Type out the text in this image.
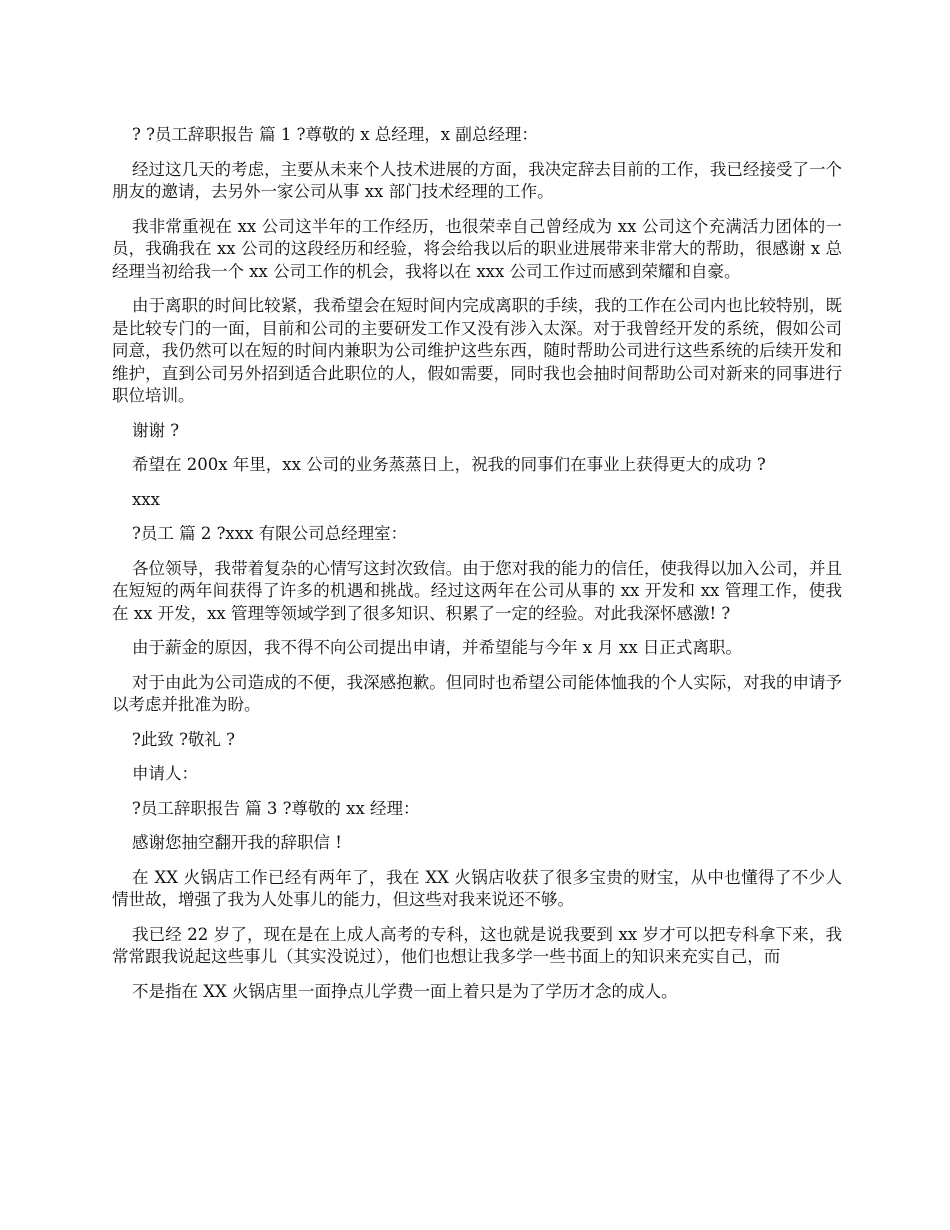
? ?员工辞职报告 篇 1 ?尊敬的 x 总经理，x 副总经理：

经过这几天的考虑，主要从未来个人技术进展的方面，我决定辞去目前的工作，我已经接受了一个朋友的邀请，去另外一家公司从事 xx 部门技术经理的工作。

我非常重视在 xx 公司这半年的工作经历，也很荣幸自己曾经成为 xx 公司这个充满活力团体的一员，我确我在 xx 公司的这段经历和经验，将会给我以后的职业进展带来非常大的帮助，很感谢 x 总经理当初给我一个 xx 公司工作的机会，我将以在 xxx 公司工作过而感到荣耀和自豪。

由于离职的时间比较紧，我希望会在短时间内完成离职的手续，我的工作在公司内也比较特别，既是比较专门的一面，目前和公司的主要研发工作又没有涉入太深。对于我曾经开发的系统，假如公司同意，我仍然可以在短的时间内兼职为公司维护这些东西，随时帮助公司进行这些系统的后续开发和维护，直到公司另外招到适合此职位的人，假如需要，同时我也会抽时间帮助公司对新来的同事进行职位培训。

谢谢 ?

希望在 200x 年里，xx 公司的业务蒸蒸日上，祝我的同事们在事业上获得更大的成功 ?

xxx

?员工 篇 2 ?xxx 有限公司总经理室：

各位领导，我带着复杂的心情写这封次致信。由于您对我的能力的信任，使我得以加入公司，并且在短短的两年间获得了许多的机遇和挑战。经过这两年在公司从事的 xx 开发和 xx 管理工作，使我在 xx 开发，xx 管理等领域学到了很多知识、积累了一定的经验。对此我深怀感激! ?

由于薪金的原因，我不得不向公司提出申请，并希望能与今年 x 月 xx 日正式离职。

对于由此为公司造成的不便，我深感抱歉。但同时也希望公司能体恤我的个人实际，对我的申请予以考虑并批准为盼。

?此致 ?敬礼 ?

申请人：

?员工辞职报告 篇 3 ?尊敬的 xx 经理：

感谢您抽空翻开我的辞职信 !

在 XX 火锅店工作已经有两年了，我在 XX 火锅店收获了很多宝贵的财宝，从中也懂得了不少人情世故，增强了我为人处事儿的能力，但这些对我来说还不够。

我已经 22 岁了，现在是在上成人高考的专科，这也就是说我要到 xx 岁才可以把专科拿下来，我常常跟我说起这些事儿（其实没说过），他们也想让我多学一些书面上的知识来充实自己，而

不是指在 XX 火锅店里一面挣点儿学费一面上着只是为了学历才念的成人。
